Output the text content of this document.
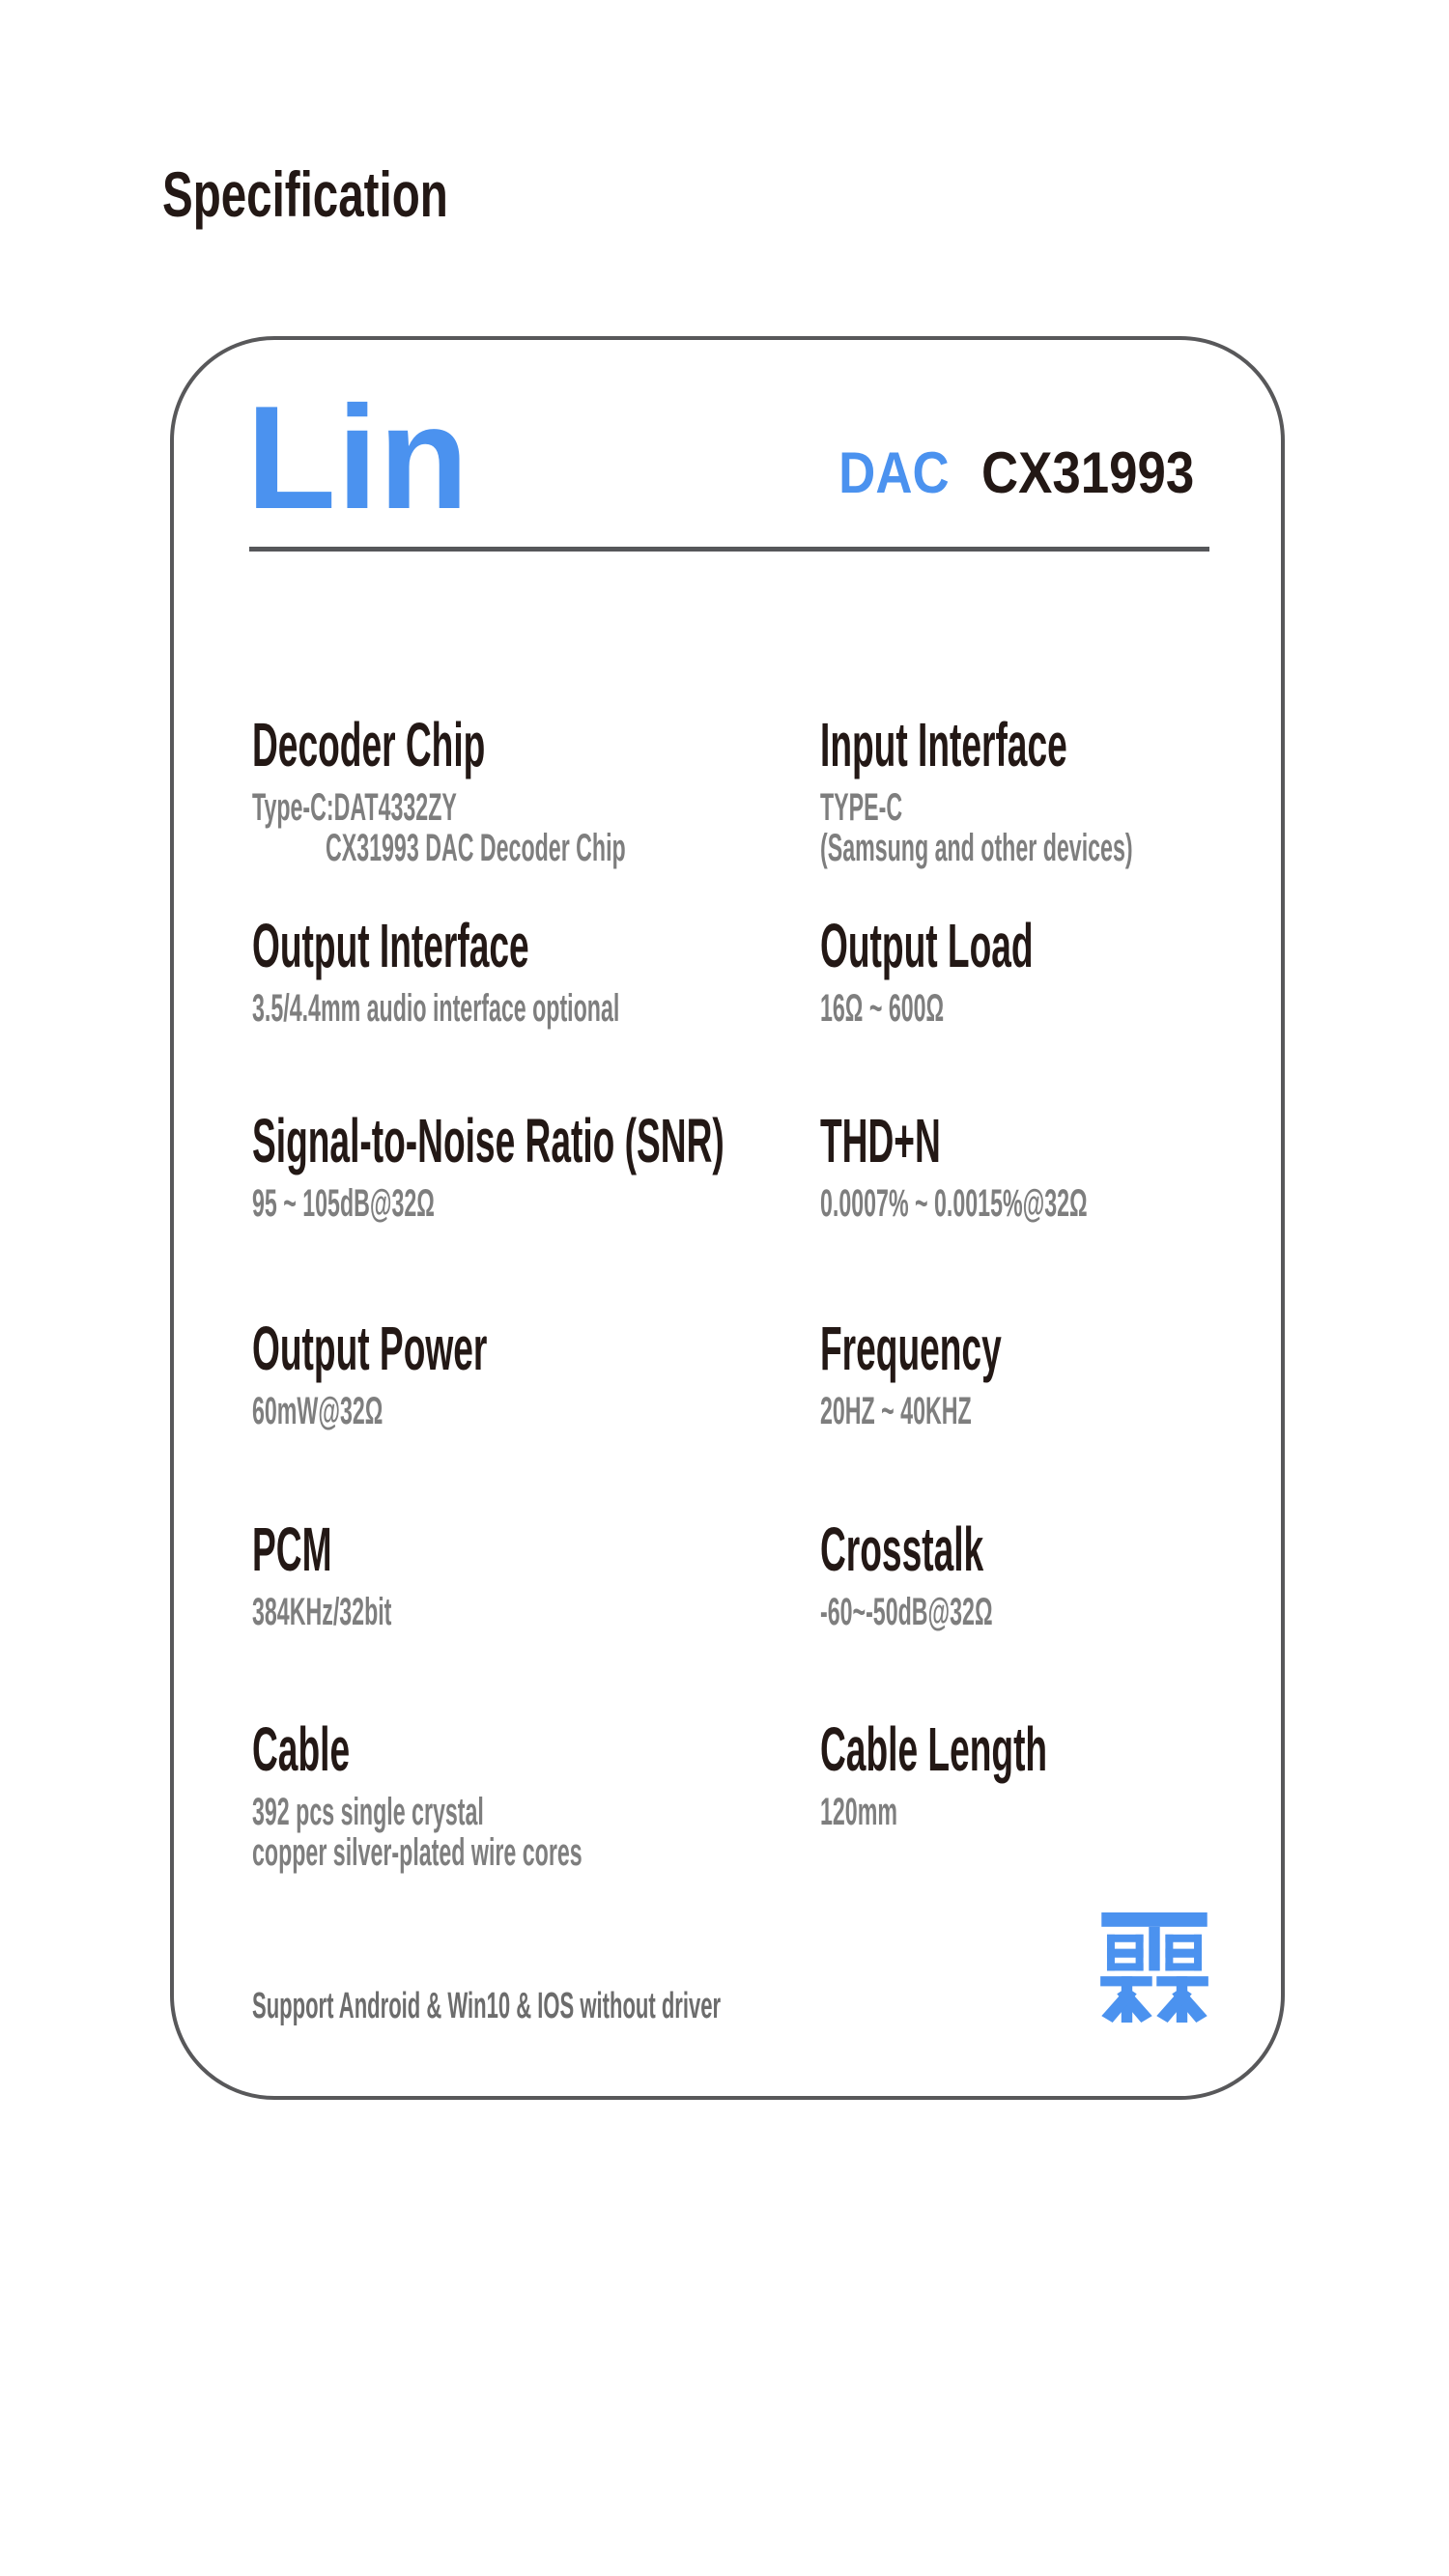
Specification
Lin	DAC CX31993
Decoder Chip
Type-C:DAT4332ZY
CX31993 DAC Decoder Chip
Input Interface
TYPE-C
(Samsung and other devices)
Output Interface
3.5/4.4mm audio interface optional
Output Load
16Ω ~ 600Ω
Signal-to-Noise Ratio (SNR)
95 ~ 105dB@32Ω
THD+N
0.0007% ~ 0.0015%@32Ω
Output Power
60mW@32Ω
Frequency
20HZ ~ 40KHZ
PCM
384KHz/32bit
Crosstalk
-60~-50dB@32Ω
Cable
392 pcs single crystal
copper silver-plated wire cores
Cable Length
120mm
Support Android & Win10 & IOS without driver
